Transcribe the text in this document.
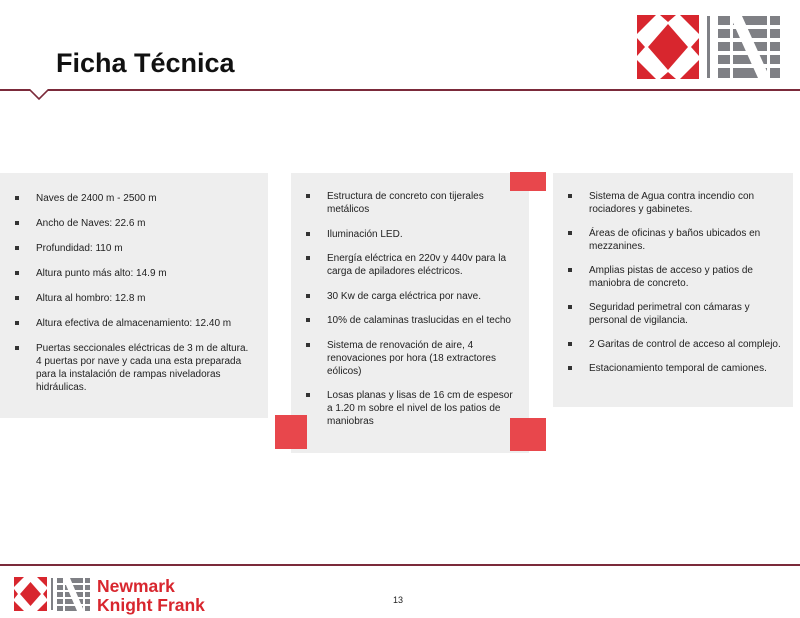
Ficha Técnica
Naves de 2400 m - 2500 m
Ancho de Naves: 22.6 m
Profundidad: 110 m
Altura punto más alto: 14.9 m
Altura al hombro: 12.8 m
Altura efectiva de almacenamiento: 12.40 m
Puertas seccionales eléctricas de 3 m de altura. 4 puertas por nave y cada una esta preparada para la instalación de rampas niveladoras hidráulicas.
Estructura de concreto con tijerales metálicos
Iluminación LED.
Energía eléctrica en 220v y 440v para la carga de apiladores eléctricos.
30 Kw de carga eléctrica por nave.
10% de calaminas traslucidas en el techo
Sistema de renovación de aire, 4 renovaciones por hora (18 extractores eólicos)
Losas planas y lisas de 16 cm de espesor a 1.20 m sobre el nivel de los patios de maniobras
Sistema de Agua contra incendio con rociadores y gabinetes.
Áreas de oficinas y baños ubicados en mezzanines.
Amplias pistas de acceso y patios de maniobra de concreto.
Seguridad perimetral con cámaras y personal de vigilancia.
2 Garitas de control de acceso al complejo.
Estacionamiento temporal de camiones.
Newmark
Knight Frank	13
